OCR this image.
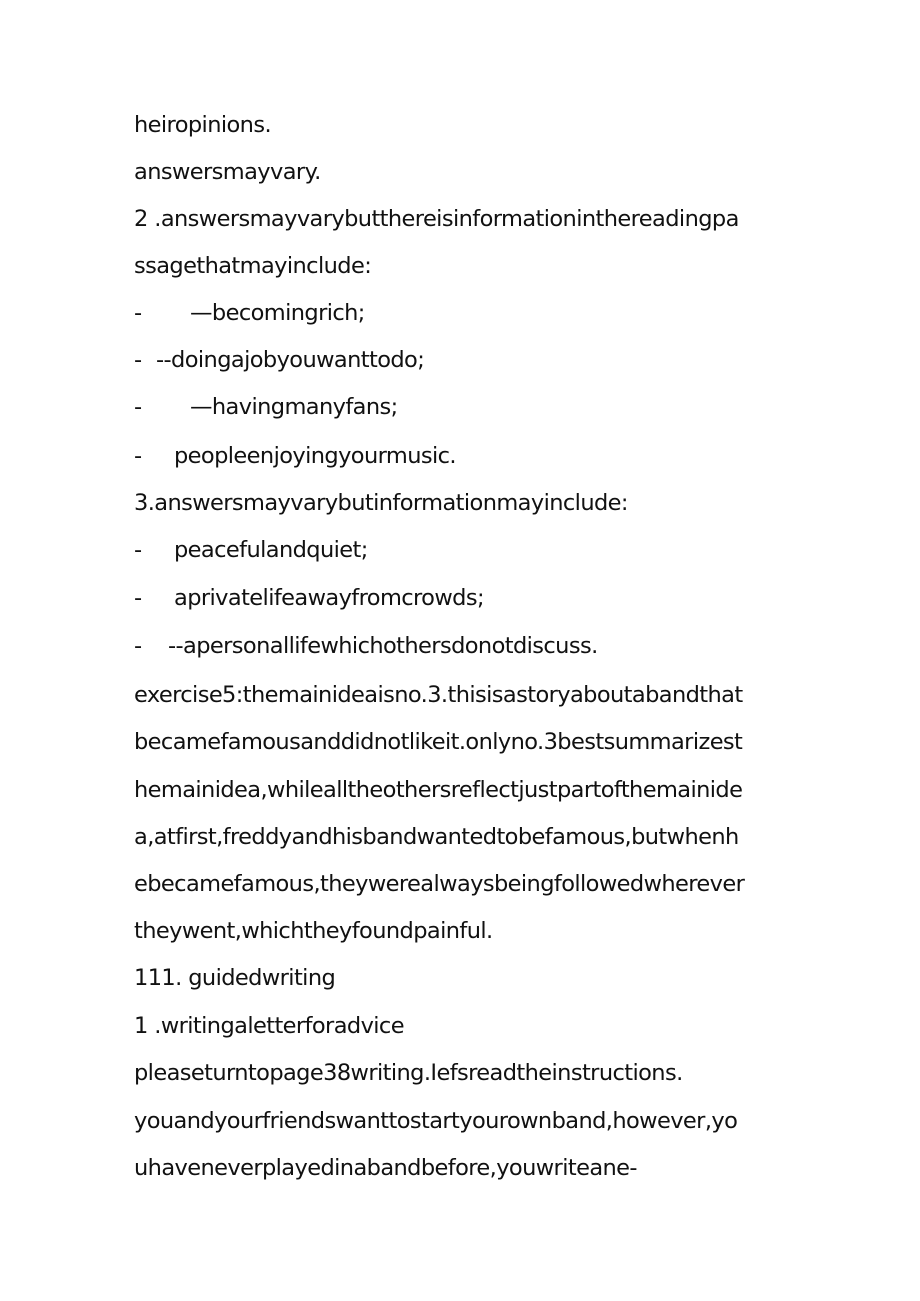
heiropinions.

answersmayvary.

2 .answersmayvarybutthereisinformationinthereadingpa

ssagethatmayinclude:

- —becomingrich;

- --doingajobyouwanttodo;

- —havingmanyfans;

- peopleenjoyingyourmusic.

3.answersmayvarybutinformationmayinclude:

- peacefulandquiet;

- aprivatelifeawayfromcrowds;

- --apersonallifewhichothersdonotdiscuss.

exercise5:themainideaisno.3.thisisastoryaboutabandthat

becamefamousanddidnotlikeit.onlyno.3bestsummarizest

hemainidea,whilealltheothersreflectjustpartofthemainide

a,atfirst,freddyandhisbandwantedtobefamous,butwhenh

ebecamefamous,theywerealwaysbeingfollowedwherever

theywent,whichtheyfoundpainful.

111. guidedwriting

1 .writingaletterforadvice

pleaseturntopage38writing.Iefsreadtheinstructions.

youandyourfriendswanttostartyourownband,however,yo

uhaveneverplayedinabandbefore,youwriteane-
